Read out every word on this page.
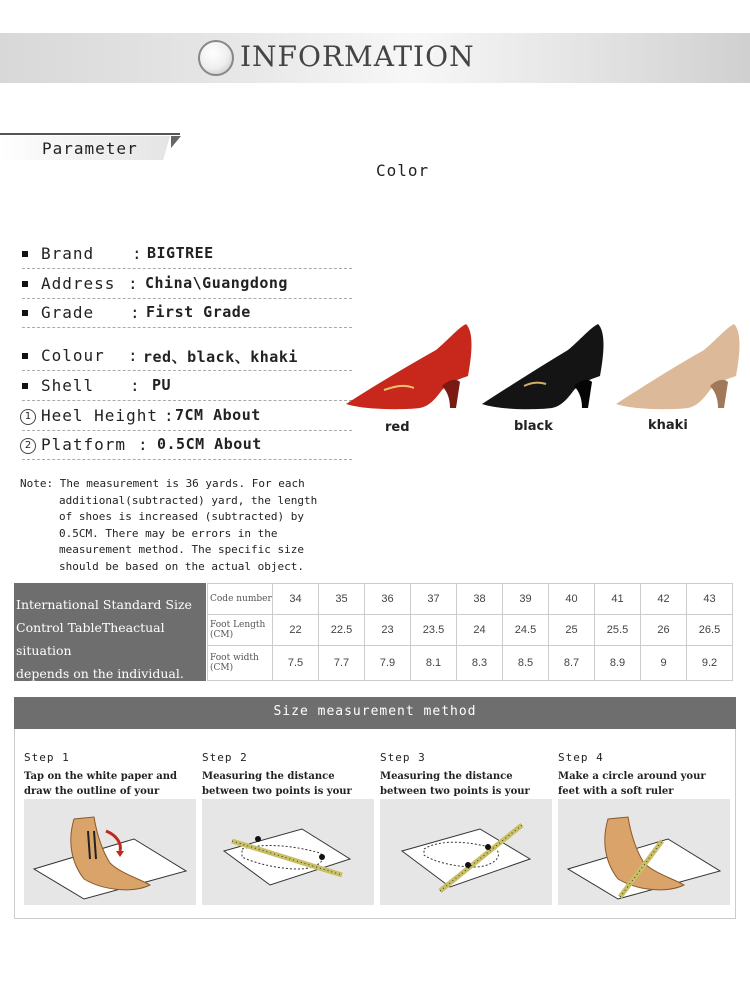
INFORMATION
Parameter
Color
Brand : BIGTREE
Address : China\Guangdong
Grade : First Grade
Colour : red、black、khaki
Shell : PU
1 Heel Height : 7CM About
2 Platform : 0.5CM About
red	black	khaki
Note: The measurement is 36 yards. For each
additional(subtracted) yard, the length
of shoes is increased (subtracted) by
0.5CM. There may be errors in the
measurement method. The specific size
should be based on the actual object.
International Standard Size
Control TableTheactual situation
depends on the individual.
Code number	34	35	36	37	38	39	40	41	42	43
Foot Length (CM)	22	22.5	23	23.5	24	24.5	25	25.5	26	26.5
Foot width (CM)	7.5	7.7	7.9	8.1	8.3	8.5	8.7	8.9	9	9.2
Size measurement method
Step 1
Tap on the white paper and draw the outline of your
Step 2
Measuring the distance between two points is your
Step 3
Measuring the distance between two points is your
Step 4
Make a circle around your feet with a soft ruler
